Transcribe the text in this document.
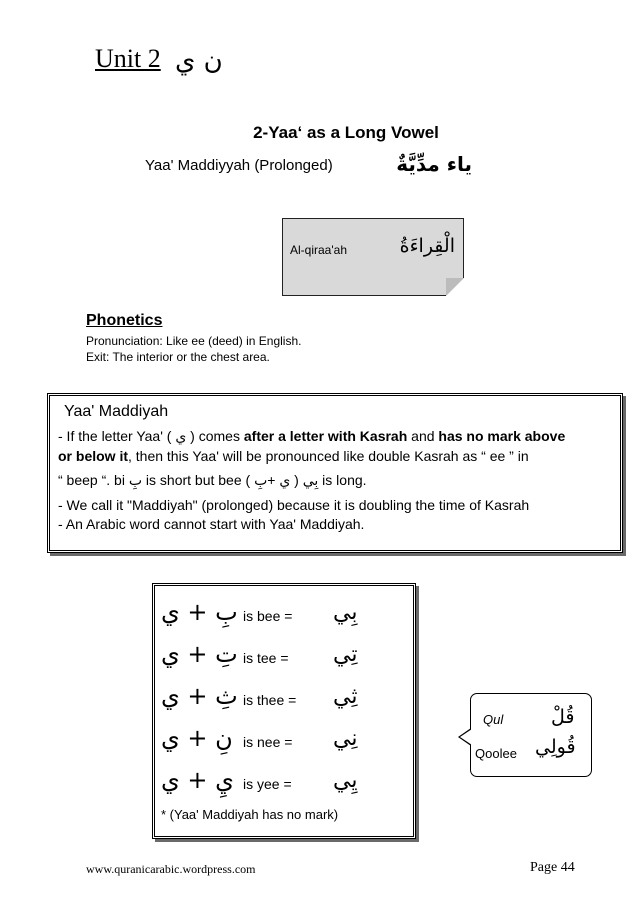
Unit 2 ن ي
2-Yaa‘ as a Long Vowel
Yaa' Maddiyyah (Prolonged)	ياء مدِّيَّةٌ
Al-qiraa'ah	الْقِراءَةُ
Phonetics
Pronunciation: Like ee (deed) in English.
Exit: The interior or the chest area.
Yaa' Maddiyah
- If the letter Yaa' ( ي ) comes after a letter with Kasrah and has no mark above
or below it, then this Yaa' will be pronounced like double Kasrah as “ ee ” in
“ beep “. bi بِ is short but bee بِي ( ي +بِ ) is long.
- We call it "Maddiyah" (prolonged) because it is doubling the time of Kasrah
- An Arabic word cannot start with Yaa' Maddiyah.
بِ + ي is bee = بِي
تِ + ي is tee = تِي
ثِ + ي is thee = ثِي
نِ + ي is nee = نِي
يِ + ي is yee = يِي
* (Yaa' Maddiyah has no mark)
Qul	قُلْ
Qoolee قُولِي
www.quranicarabic.wordpress.com	Page 44
